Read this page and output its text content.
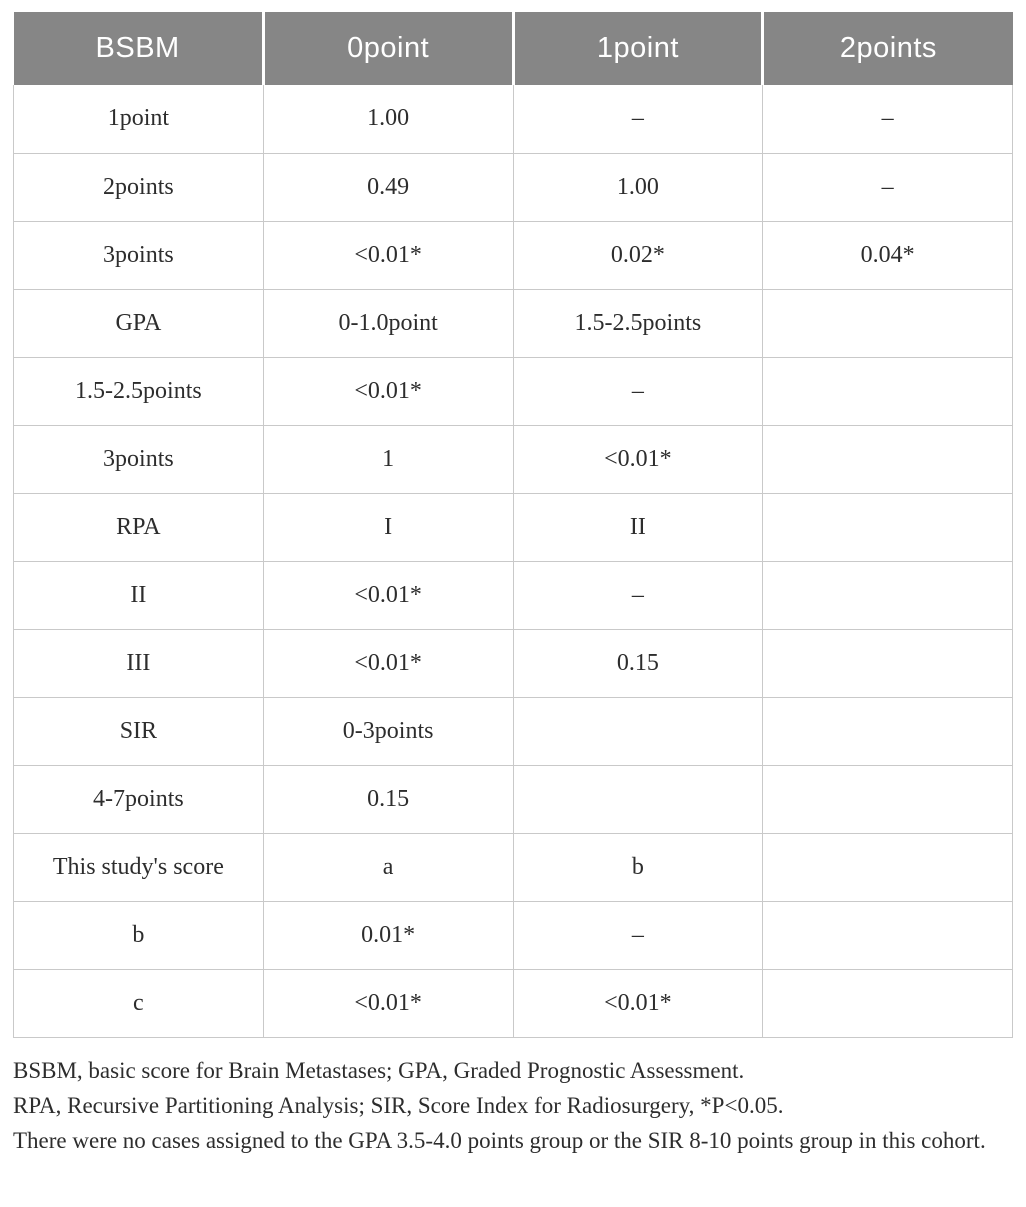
BSBM	0point	1point	2points
1point	1.00	–	–
2points	0.49	1.00	–
3points	<0.01*	0.02*	0.04*
GPA	0-1.0point	1.5-2.5points	
1.5-2.5points	<0.01*	–	
3points	1	<0.01*	
RPA	I	II	
II	<0.01*	–	
III	<0.01*	0.15	
SIR	0-3points		
4-7points	0.15		
This study's score	a	b	
b	0.01*	–	
c	<0.01*	<0.01*	

BSBM, basic score for Brain Metastases; GPA, Graded Prognostic Assessment.

RPA, Recursive Partitioning Analysis; SIR, Score Index for Radiosurgery, *P<0.05.

There were no cases assigned to the GPA 3.5-4.0 points group or the SIR 8-10 points group in this cohort.
